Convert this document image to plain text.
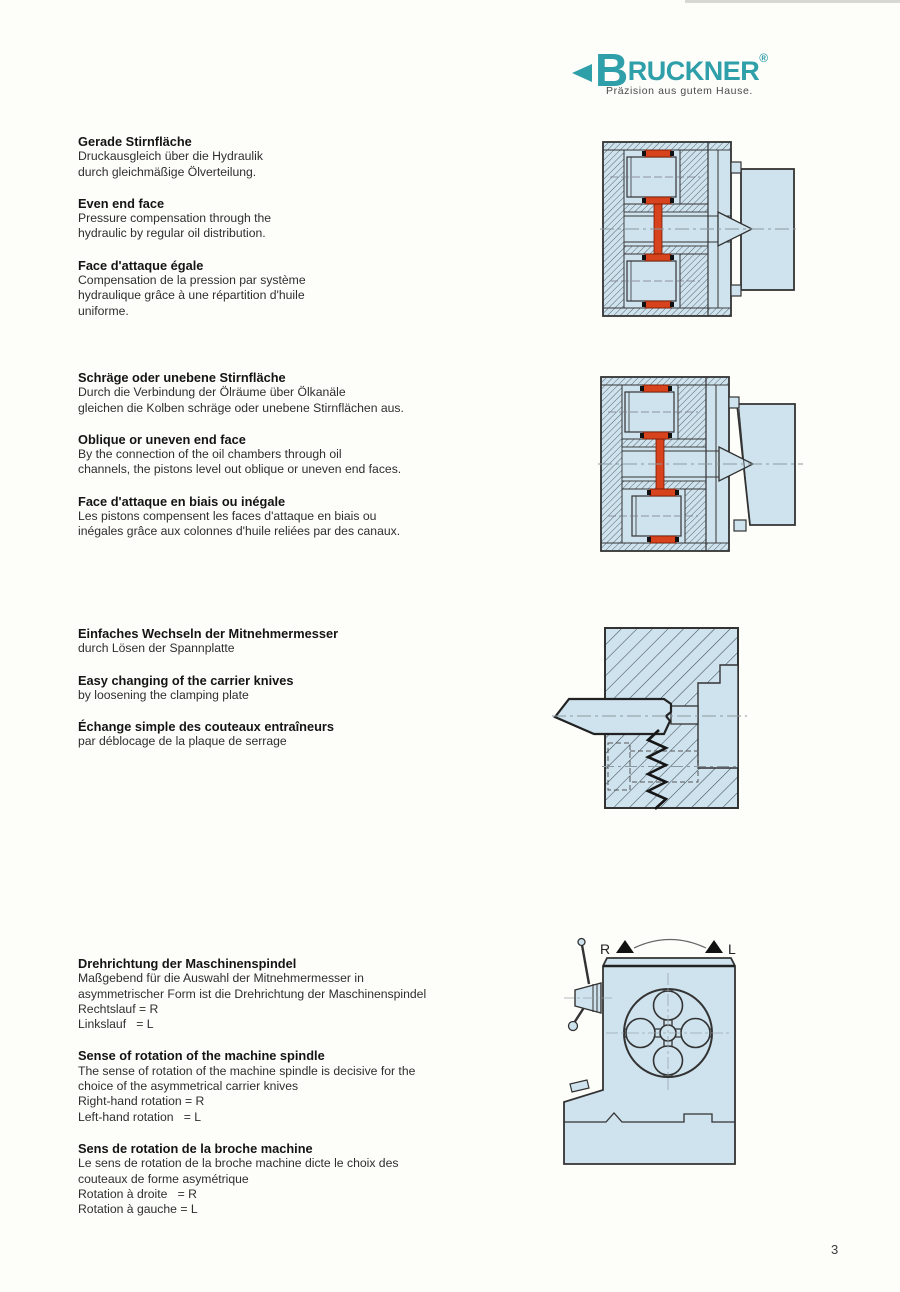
BRUCKNER®
Präzision aus gutem Hause.
Gerade Stirnfläche
Druckausgleich über die Hydraulik
durch gleichmäßige Ölverteilung.
Even end face
Pressure compensation through the
hydraulic by regular oil distribution.
Face d'attaque égale
Compensation de la pression par système
hydraulique grâce à une répartition d'huile
uniforme.
Schräge oder unebene Stirnfläche
Durch die Verbindung der Ölräume über Ölkanäle
gleichen die Kolben schräge oder unebene Stirnflächen aus.
Oblique or uneven end face
By the connection of the oil chambers through oil
channels, the pistons level out oblique or uneven end faces.
Face d'attaque en biais ou inégale
Les pistons compensent les faces d'attaque en biais ou
inégales grâce aux colonnes d'huile reliées par des canaux.
Einfaches Wechseln der Mitnehmermesser
durch Lösen der Spannplatte
Easy changing of the carrier knives
by loosening the clamping plate
Échange simple des couteaux entraîneurs
par déblocage de la plaque de serrage
Drehrichtung der Maschinenspindel
Maßgebend für die Auswahl der Mitnehmermesser in
asymmetrischer Form ist die Drehrichtung der Maschinenspindel
Rechtslauf = R
Linkslauf   = L
Sense of rotation of the machine spindle
The sense of rotation of the machine spindle is decisive for the
choice of the asymmetrical carrier knives
Right-hand rotation = R
Left-hand rotation   = L
Sens de rotation de la broche machine
Le sens de rotation de la broche machine dicte le choix des
couteaux de forme asymétrique
Rotation à droite   = R
Rotation à gauche = L
R	L
3
